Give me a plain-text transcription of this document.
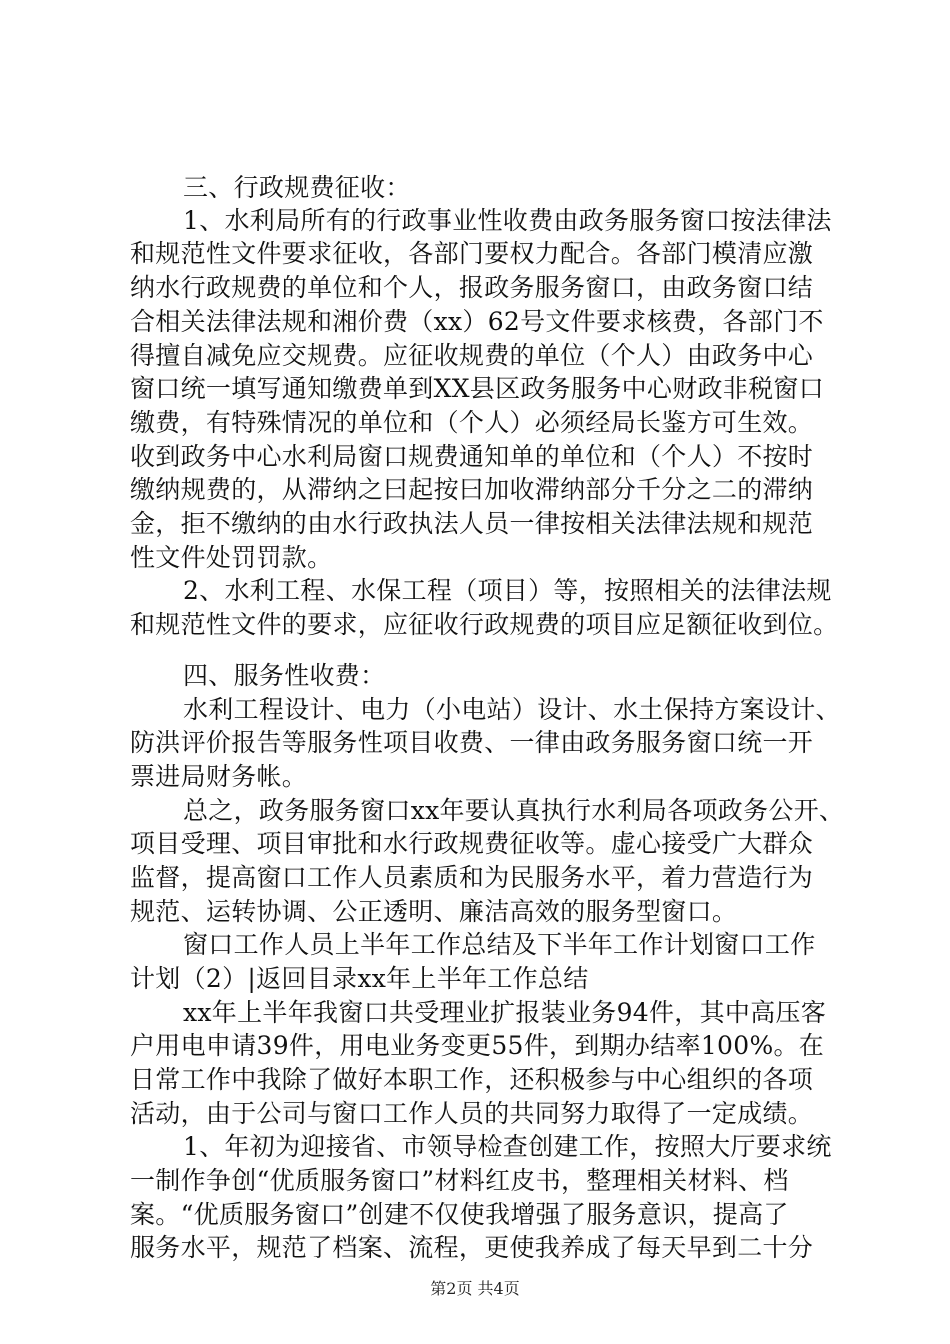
三、行政规费征收：
1、水利局所有的行政事业性收费由政务服务窗口按法律法
和规范性文件要求征收，各部门要权力配合。各部门模清应激
纳水行政规费的单位和个人，报政务服务窗口，由政务窗口结
合相关法律法规和湘价费（xx）62号文件要求核费，各部门不
得擅自减免应交规费。应征收规费的单位（个人）由政务中心
窗口统一填写通知缴费单到XX县区政务服务中心财政非税窗口
缴费，有特殊情况的单位和（个人）必须经局长鉴方可生效。
收到政务中心水利局窗口规费通知单的单位和（个人）不按时
缴纳规费的，从滞纳之曰起按曰加收滞纳部分千分之二的滞纳
金，拒不缴纳的由水行政执法人员一律按相关法律法规和规范
性文件处罚罚款。
2、水利工程、水保工程（项目）等，按照相关的法律法规
和规范性文件的要求，应征收行政规费的项目应足额征收到位。
四、服务性收费：
水利工程设计、电力（小电站）设计、水土保持方案设计、
防洪评价报告等服务性项目收费、一律由政务服务窗口统一开
票进局财务帐。
总之，政务服务窗口xx年要认真执行水利局各项政务公开、
项目受理、项目审批和水行政规费征收等。虚心接受广大群众
监督，提高窗口工作人员素质和为民服务水平，着力营造行为
规范、运转协调、公正透明、廉洁高效的服务型窗口。
窗口工作人员上半年工作总结及下半年工作计划窗口工作
计划（2）|返回目录xx年上半年工作总结
xx年上半年我窗口共受理业扩报装业务94件，其中高压客
户用电申请39件，用电业务变更55件，到期办结率100%。在
日常工作中我除了做好本职工作，还积极参与中心组织的各项
活动，由于公司与窗口工作人员的共同努力取得了一定成绩。
1、年初为迎接省、市领导检查创建工作，按照大厅要求统
一制作争创“优质服务窗口”材料红皮书，整理相关材料、档
案。“优质服务窗口”创建不仅使我增强了服务意识，提高了
服务水平，规范了档案、流程，更使我养成了每天早到二十分
第2页 共4页
